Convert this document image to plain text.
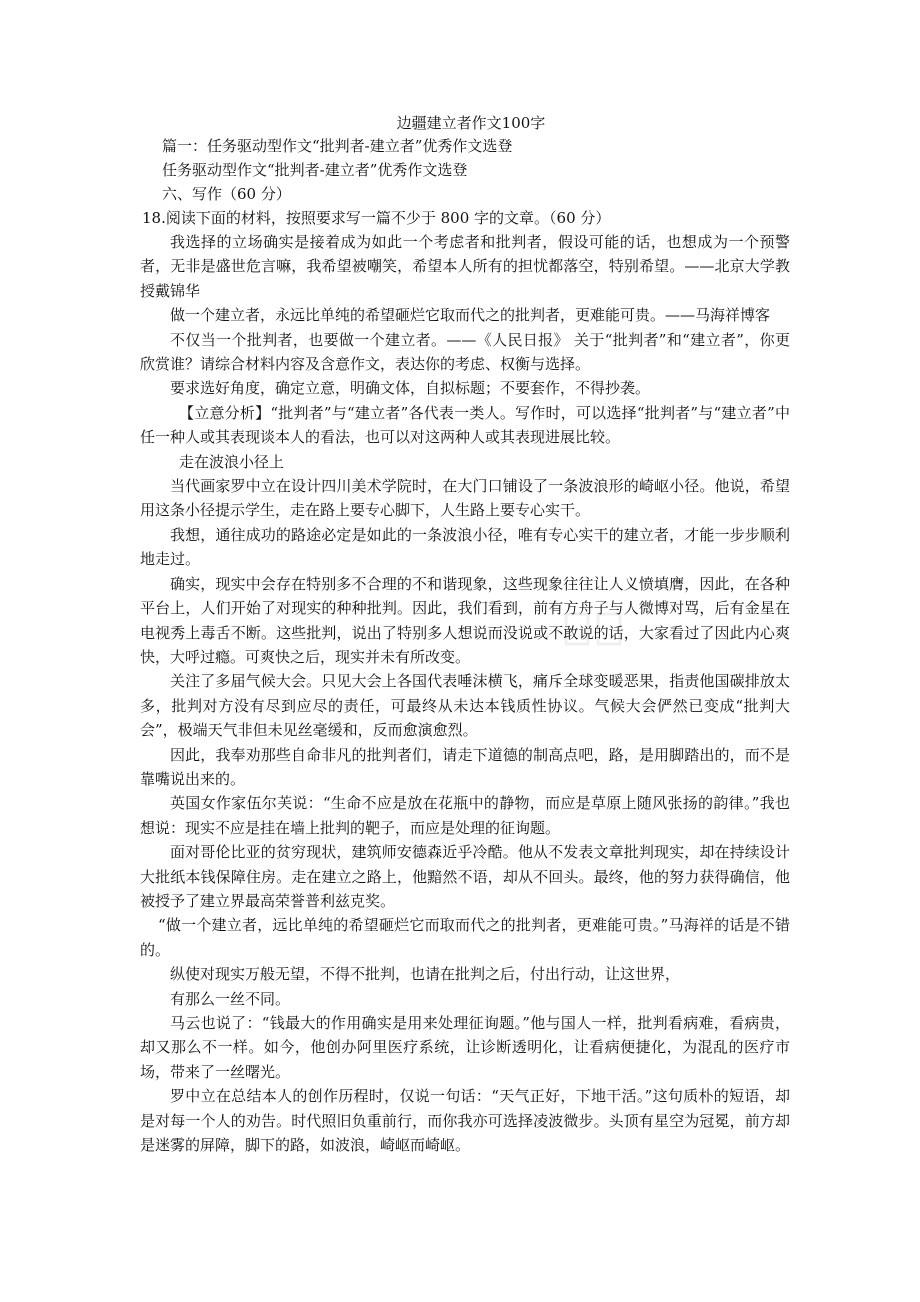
边疆建立者作文100字
篇一：任务驱动型作文“批判者-建立者”优秀作文选登
任务驱动型作文“批判者-建立者”优秀作文选登
六、写作（60 分）
18.阅读下面的材料，按照要求写一篇不少于 800 字的文章。（60 分）

我选择的立场确实是接着成为如此一个考虑者和批判者，假设可能的话，也想成为一个预警者，无非是盛世危言嘛，我希望被嘲笑，希望本人所有的担忧都落空，特别希望。——北京大学教授戴锦华

做一个建立者，永远比单纯的希望砸烂它取而代之的批判者，更难能可贵。——马海祥博客

不仅当一个批判者，也要做一个建立者。——《人民日报》 关于“批判者”和“建立者”，你更欣赏谁？请综合材料内容及含意作文，表达你的考虑、权衡与选择。

要求选好角度，确定立意，明确文体，自拟标题；不要套作，不得抄袭。

【立意分析】“批判者”与“建立者”各代表一类人。写作时，可以选择“批判者”与“建立者”中任一种人或其表现谈本人的看法，也可以对这两种人或其表现进展比较。

走在波浪小径上

当代画家罗中立在设计四川美术学院时，在大门口铺设了一条波浪形的崎岖小径。他说，希望用这条小径提示学生，走在路上要专心脚下，人生路上要专心实干。

我想，通往成功的路途必定是如此的一条波浪小径，唯有专心实干的建立者，才能一步步顺利地走过。

确实，现实中会存在特别多不合理的不和谐现象，这些现象往往让人义愤填膺，因此，在各种平台上，人们开始了对现实的种种批判。因此，我们看到，前有方舟子与人微博对骂，后有金星在电视秀上毒舌不断。这些批判，说出了特别多人想说而没说或不敢说的话，大家看过了因此内心爽快，大呼过瘾。可爽快之后，现实并未有所改变。

关注了多届气候大会。只见大会上各国代表唾沫横飞，痛斥全球变暖恶果，指责他国碳排放太多，批判对方没有尽到应尽的责任，可最终从未达本钱质性协议。气候大会俨然已变成“批判大会”，极端天气非但未见丝毫缓和，反而愈演愈烈。

因此，我奉劝那些自命非凡的批判者们，请走下道德的制高点吧，路，是用脚踏出的，而不是靠嘴说出来的。

英国女作家伍尔芙说：“生命不应是放在花瓶中的静物，而应是草原上随风张扬的韵律。”我也想说：现实不应是挂在墙上批判的靶子，而应是处理的征询题。

面对哥伦比亚的贫穷现状，建筑师安德森近乎冷酷。他从不发表文章批判现实，却在持续设计大批纸本钱保障住房。走在建立之路上，他黯然不语，却从不回头。最终，他的努力获得确信，他被授予了建立界最高荣誉普利兹克奖。

“做一个建立者，远比单纯的希望砸烂它而取而代之的批判者，更难能可贵。”马海祥的话是不错的。

纵使对现实万般无望，不得不批判，也请在批判之后，付出行动，让这世界，

有那么一丝不同。

马云也说了：“钱最大的作用确实是用来处理征询题。”他与国人一样，批判看病难，看病贵，却又那么不一样。如今，他创办阿里医疗系统，让诊断透明化，让看病便捷化，为混乱的医疗市场，带来了一丝曙光。

罗中立在总结本人的创作历程时，仅说一句话：“天气正好，下地干活。”这句质朴的短语，却是对每一个人的劝告。时代照旧负重前行，而你我亦可选择凌波微步。头顶有星空为冠冕，前方却是迷雾的屏障，脚下的路，如波浪，崎岖而崎岖。
